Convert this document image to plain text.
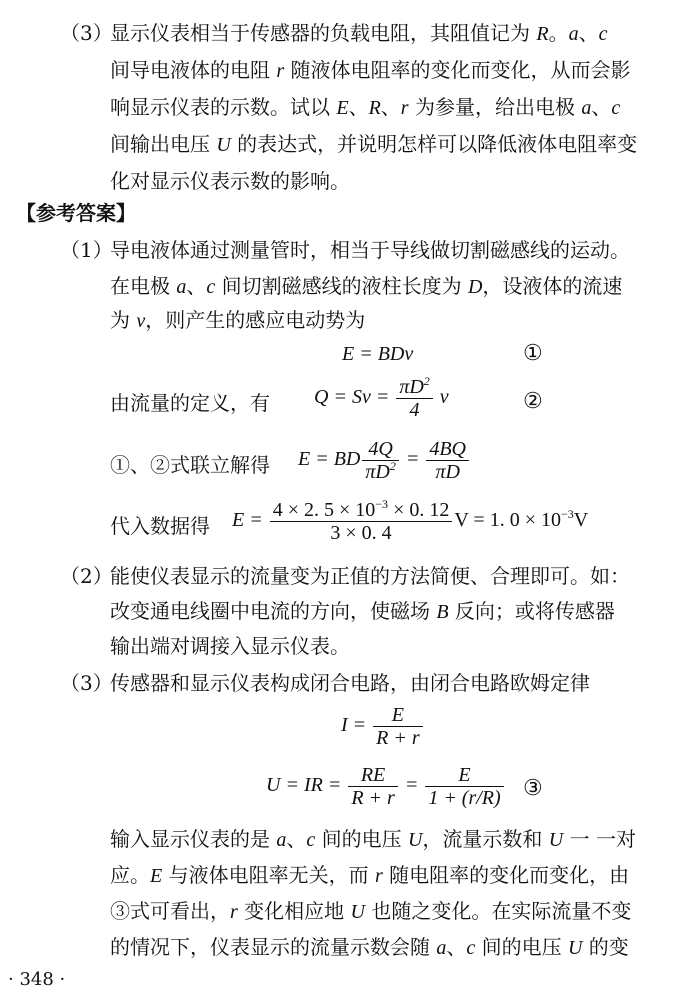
（3）
显示仪表相当于传感器的负载电阻，其阻值记为 R。a、c
间导电液体的电阻 r 随液体电阻率的变化而变化，从而会影
响显示仪表的示数。试以 E、R、r 为参量，给出电极 a、c
间输出电压 U 的表达式，并说明怎样可以降低液体电阻率变
化对显示仪表示数的影响。
【参考答案】
（1）
导电液体通过测量管时，相当于导线做切割磁感线的运动。
在电极 a、c 间切割磁感线的液柱长度为 D，设液体的流速
为 v，则产生的感应电动势为
E = BDv	①
由流量的定义，有 $Q = Sv = \frac{\pi D^2}{4}$ v	②
①、②式联立解得 E = BD $\frac{4Q}{\pi D^2} = \frac{4BQ}{\pi D}$
代入数据得 $E = \frac{4 \times 2. 5 \times 10^{-3} \times 0. 12}{3 \times 0. 4}$ V = 1. $0 \times 10^{-3}V$
（2）
能使仪表显示的流量变为正值的方法简便、合理即可。如：
改变通电线圈中电流的方向，使磁场 B 反向；或将传感器
输出端对调接入显示仪表。
（3）
传感器和显示仪表构成闭合电路，由闭合电路欧姆定律
$I = \frac{E}{R + r}$
U = IR = $\frac{RE}{R + r} = \frac{E}{1 + (r/R)}$ ③
输入显示仪表的是 a、c 间的电压 U，流量示数和 U 一 一对
应。E 与液体电阻率无关，而 r 随电阻率的变化而变化，由
③式可看出，r 变化相应地 U 也随之变化。在实际流量不变
的情况下，仪表显示的流量示数会随 a、c 间的电压 U 的变
· 348 ·
